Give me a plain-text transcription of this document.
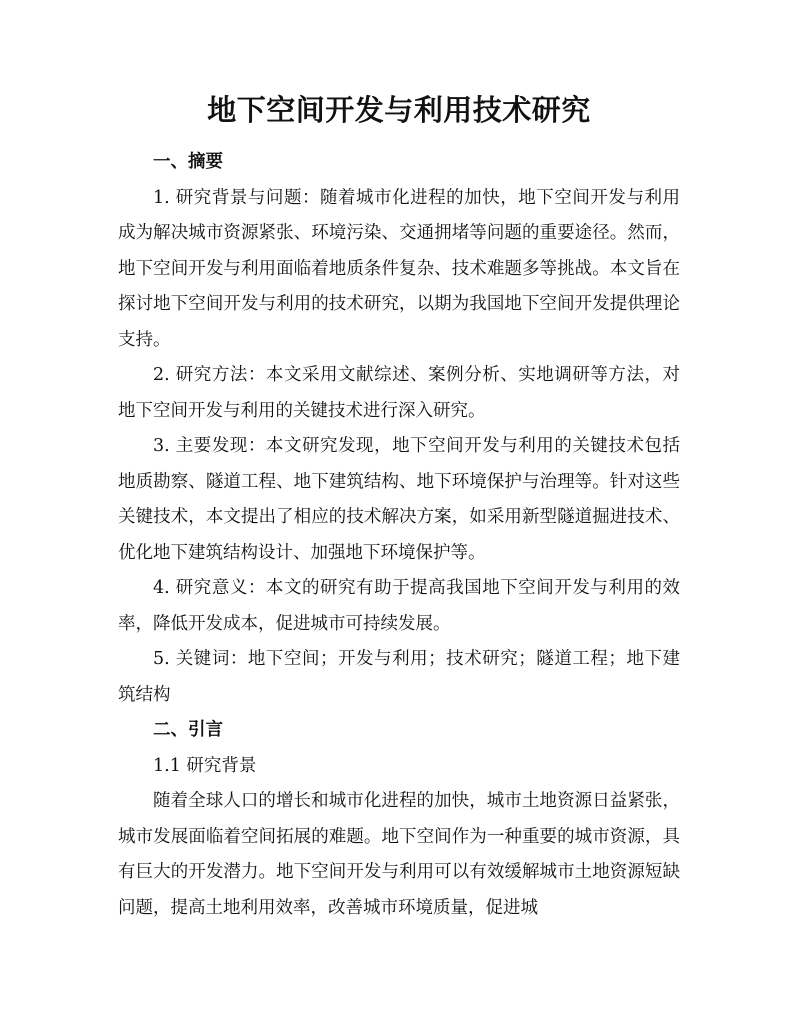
地下空间开发与利用技术研究
一、摘要

1. 研究背景与问题：随着城市化进程的加快，地下空间开发与利用成为解决城市资源紧张、环境污染、交通拥堵等问题的重要途径。然而，地下空间开发与利用面临着地质条件复杂、技术难题多等挑战。本文旨在探讨地下空间开发与利用的技术研究，以期为我国地下空间开发提供理论支持。

2. 研究方法：本文采用文献综述、案例分析、实地调研等方法，对地下空间开发与利用的关键技术进行深入研究。

3. 主要发现：本文研究发现，地下空间开发与利用的关键技术包括地质勘察、隧道工程、地下建筑结构、地下环境保护与治理等。针对这些关键技术，本文提出了相应的技术解决方案，如采用新型隧道掘进技术、优化地下建筑结构设计、加强地下环境保护等。

4. 研究意义：本文的研究有助于提高我国地下空间开发与利用的效率，降低开发成本，促进城市可持续发展。

5. 关键词：地下空间；开发与利用；技术研究；隧道工程；地下建筑结构

二、引言

1.1 研究背景

随着全球人口的增长和城市化进程的加快，城市土地资源日益紧张，城市发展面临着空间拓展的难题。地下空间作为一种重要的城市资源，具有巨大的开发潜力。地下空间开发与利用可以有效缓解城市土地资源短缺问题，提高土地利用效率，改善城市环境质量，促进城
